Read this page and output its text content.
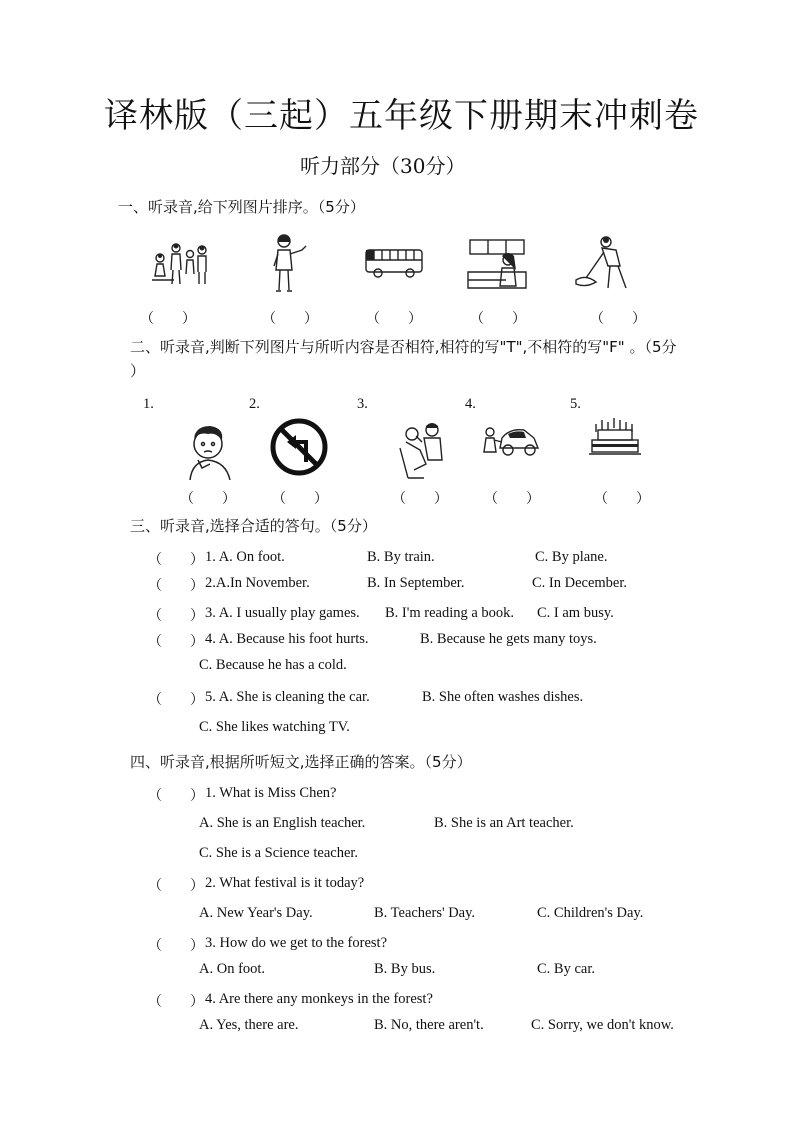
译林版（三起）五年级下册期末冲刺卷
听力部分（30分）
一、听录音,给下列图片排序。（5分）
（　　）	（　　）	（　　）	（　　）	（　　）
二、听录音,判断下列图片与所听内容是否相符,相符的写"T",不相符的写"F" 。（5分
）
1.	2.	3.	4.	5.
（　　）	（　　）	（　　）	（　　）	（　　）
三、听录音,选择合适的答句。（5分）
（　　） 1. A. On foot.	B. By train.	C. By plane.
（　　） 2.A.In November.	B. In September.	C. In December.
（　　） 3. A. I usually play games. B. I'm reading a book. C. I am busy.
（　　） 4. A. Because his foot hurts.	B. Because he gets many toys.
C. Because he has a cold.
（　　） 5. A. She is cleaning the car.	B. She often washes dishes.
C. She likes watching TV.
四、听录音,根据所听短文,选择正确的答案。（5分）
（　　） 1. What is Miss Chen?
A. She is an English teacher.	B. She is an Art teacher.
C. She is a Science teacher.
（　　） 2. What festival is it today?
A. New Year's Day.	B. Teachers' Day.	C. Children's Day.
（　　） 3. How do we get to the forest?
A. On foot.	B. By bus.	C. By car.
（　　） 4. Are there any monkeys in the forest?
A. Yes, there are.	B. No, there aren't.	C. Sorry, we don't know.
